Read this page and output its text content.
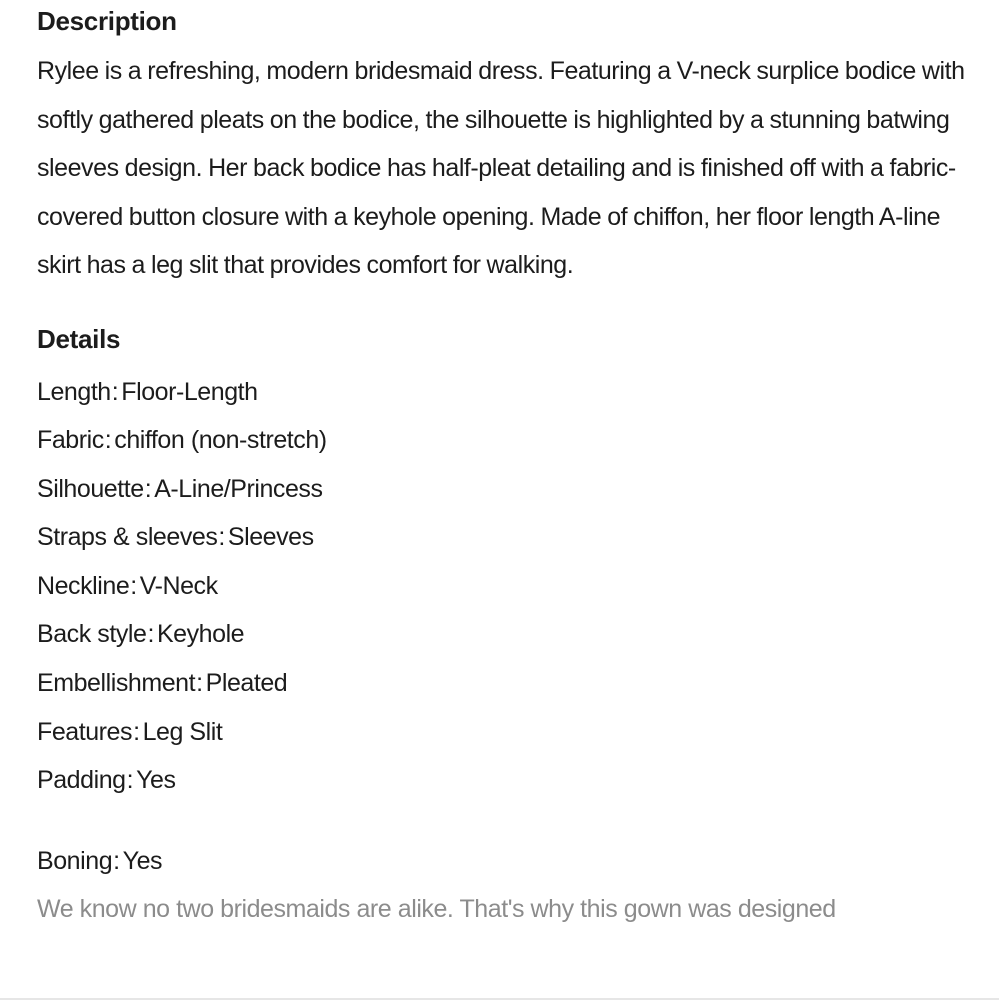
Description

Rylee is a refreshing, modern bridesmaid dress. Featuring a V-neck surplice bodice with softly gathered pleats on the bodice, the silhouette is highlighted by a stunning batwing sleeves design. Her back bodice has half-pleat detailing and is finished off with a fabric-covered button closure with a keyhole opening. Made of chiffon, her floor length A-line skirt has a leg slit that provides comfort for walking.

Details
Length: Floor-Length
Fabric: chiffon (non-stretch)
Silhouette: A-Line/Princess
Straps & sleeves: Sleeves
Neckline: V-Neck
Back style: Keyhole
Embellishment: Pleated
Features: Leg Slit
Padding: Yes
Boning: Yes

We know no two bridesmaids are alike. That's why this gown was designed
